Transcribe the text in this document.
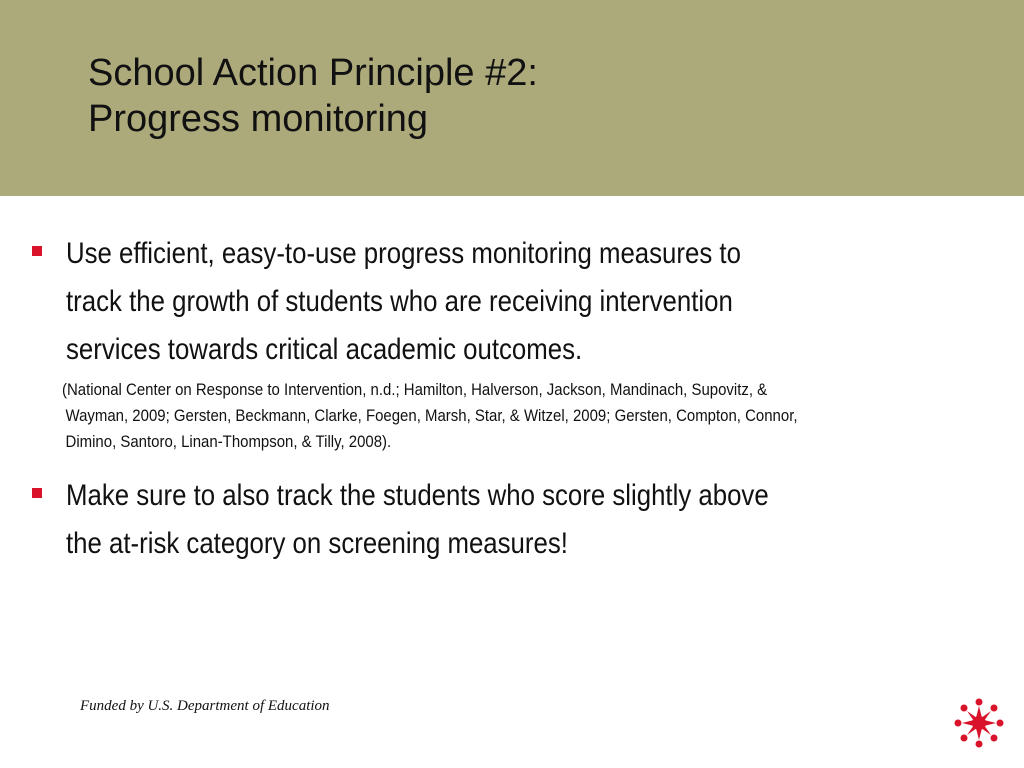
School Action Principle #2:
Progress monitoring
Use efficient, easy-to-use progress monitoring measures to
track the growth of students who are receiving intervention
services towards critical academic outcomes.
(National Center on Response to Intervention, n.d.; Hamilton, Halverson, Jackson, Mandinach, Supovitz, &
Wayman, 2009; Gersten, Beckmann, Clarke, Foegen, Marsh, Star, & Witzel, 2009; Gersten, Compton, Connor,
Dimino, Santoro, Linan-Thompson, & Tilly, 2008).
Make sure to also track the students who score slightly above
the at-risk category on screening measures!
Funded by U.S. Department of Education
